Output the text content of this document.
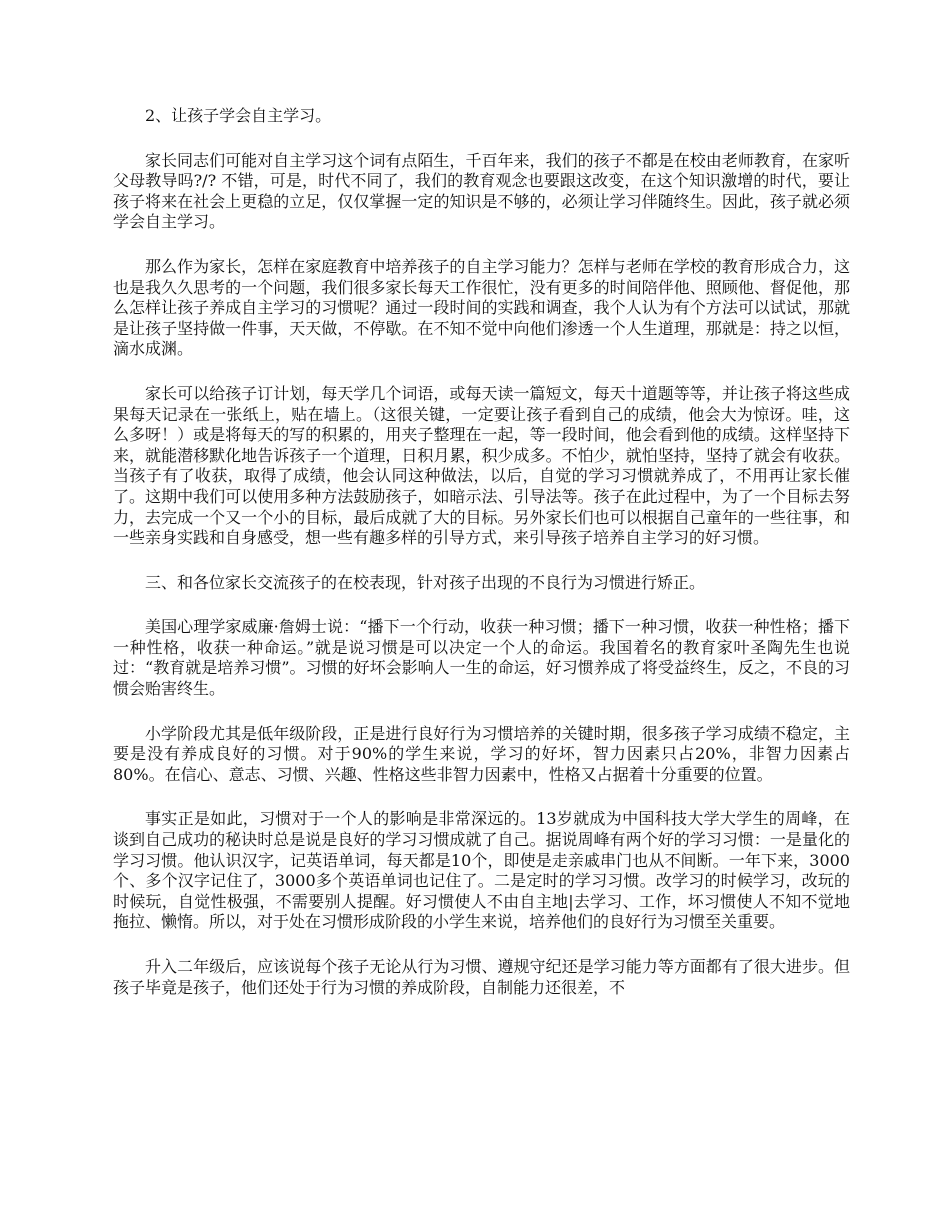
2、让孩子学会自主学习。

家长同志们可能对自主学习这个词有点陌生，千百年来，我们的孩子不都是在校由老师教育，在家听父母教导吗?/? 不错，可是，时代不同了，我们的教育观念也要跟这改变，在这个知识激增的时代，要让孩子将来在社会上更稳的立足，仅仅掌握一定的知识是不够的，必须让学习伴随终生。因此，孩子就必须学会自主学习。

那么作为家长，怎样在家庭教育中培养孩子的自主学习能力？怎样与老师在学校的教育形成合力，这也是我久久思考的一个问题，我们很多家长每天工作很忙，没有更多的时间陪伴他、照顾他、督促他，那么怎样让孩子养成自主学习的习惯呢？通过一段时间的实践和调查，我个人认为有个方法可以试试，那就是让孩子坚持做一件事，天天做，不停歇。在不知不觉中向他们渗透一个人生道理，那就是：持之以恒，滴水成渊。

家长可以给孩子订计划，每天学几个词语，或每天读一篇短文，每天十道题等等，并让孩子将这些成果每天记录在一张纸上，贴在墙上。（这很关键，一定要让孩子看到自己的成绩，他会大为惊讶。哇，这么多呀！）或是将每天的写的积累的，用夹子整理在一起，等一段时间，他会看到他的成绩。这样坚持下来，就能潜移默化地告诉孩子一个道理，日积月累，积少成多。不怕少，就怕坚持，坚持了就会有收获。当孩子有了收获，取得了成绩，他会认同这种做法，以后，自觉的学习习惯就养成了，不用再让家长催了。这期中我们可以使用多种方法鼓励孩子，如暗示法、引导法等。孩子在此过程中，为了一个目标去努力，去完成一个又一个小的目标，最后成就了大的目标。另外家长们也可以根据自己童年的一些往事，和一些亲身实践和自身感受，想一些有趣多样的引导方式，来引导孩子培养自主学习的好习惯。

三、和各位家长交流孩子的在校表现，针对孩子出现的不良行为习惯进行矫正。

美国心理学家威廉·詹姆士说：“播下一个行动，收获一种习惯；播下一种习惯，收获一种性格；播下一种性格，收获一种命运。”就是说习惯是可以决定一个人的命运。我国着名的教育家叶圣陶先生也说过：“教育就是培养习惯”。习惯的好坏会影响人一生的命运，好习惯养成了将受益终生，反之，不良的习惯会贻害终生。

小学阶段尤其是低年级阶段，正是进行良好行为习惯培养的关键时期，很多孩子学习成绩不稳定，主要是没有养成良好的习惯。对于90%的学生来说，学习的好坏，智力因素只占20%，非智力因素占80%。在信心、意志、习惯、兴趣、性格这些非智力因素中，性格又占据着十分重要的位置。

事实正是如此，习惯对于一个人的影响是非常深远的。13岁就成为中国科技大学大学生的周峰，在谈到自己成功的秘诀时总是说是良好的学习习惯成就了自己。据说周峰有两个好的学习习惯：一是量化的学习习惯。他认识汉字，记英语单词，每天都是10个，即使是走亲戚串门也从不间断。一年下来，3000个、多个汉字记住了，3000多个英语单词也记住了。二是定时的学习习惯。改学习的时候学习，改玩的时候玩，自觉性极强，不需要别人提醒。好习惯使人不由自主地|去学习、工作，坏习惯使人不知不觉地拖拉、懒惰。所以，对于处在习惯形成阶段的小学生来说，培养他们的良好行为习惯至关重要。

升入二年级后，应该说每个孩子无论从行为习惯、遵规守纪还是学习能力等方面都有了很大进步。但孩子毕竟是孩子，他们还处于行为习惯的养成阶段，自制能力还很差，不
